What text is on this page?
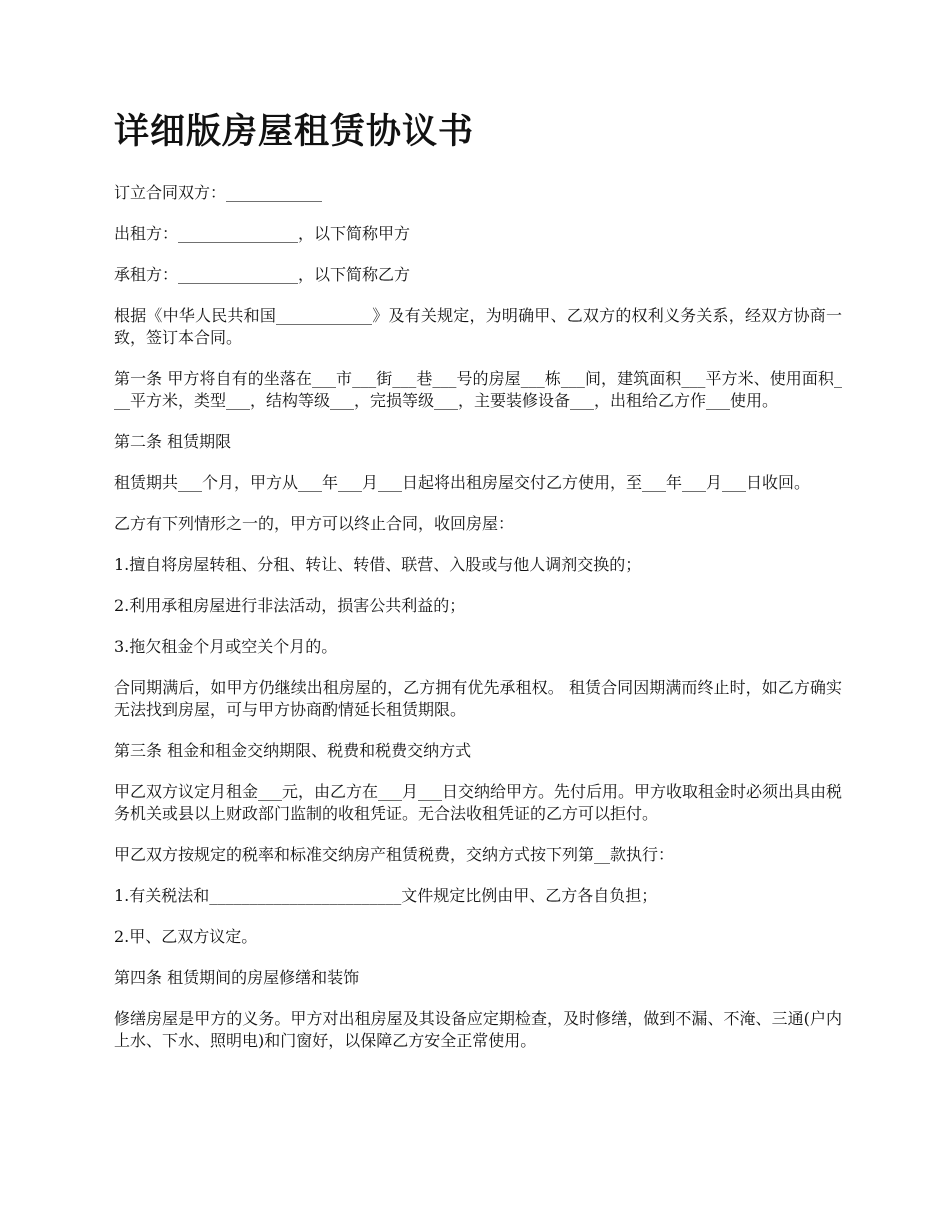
详细版房屋租赁协议书

订立合同双方：____________

出租方：_______________，以下简称甲方

承租方：_______________，以下简称乙方

根据《中华人民共和国____________》及有关规定，为明确甲、乙双方的权利义务关系，经双方协商一致，签订本合同。

第一条 甲方将自有的坐落在___市___街___巷___号的房屋___栋___间，建筑面积___平方米、使用面积___平方米，类型___，结构等级___，完损等级___，主要装修设备___，出租给乙方作___使用。

第二条 租赁期限

租赁期共___个月，甲方从___年___月___日起将出租房屋交付乙方使用，至___年___月___日收回。

乙方有下列情形之一的，甲方可以终止合同，收回房屋：

1.擅自将房屋转租、分租、转让、转借、联营、入股或与他人调剂交换的；

2.利用承租房屋进行非法活动，损害公共利益的；

3.拖欠租金个月或空关个月的。

合同期满后，如甲方仍继续出租房屋的，乙方拥有优先承租权。 租赁合同因期满而终止时，如乙方确实无法找到房屋，可与甲方协商酌情延长租赁期限。

第三条 租金和租金交纳期限、税费和税费交纳方式

甲乙双方议定月租金___元，由乙方在___月___日交纳给甲方。先付后用。甲方收取租金时必须出具由税务机关或县以上财政部门监制的收租凭证。无合法收租凭证的乙方可以拒付。

甲乙双方按规定的税率和标准交纳房产租赁税费，交纳方式按下列第__款执行：

1.有关税法和________________________文件规定比例由甲、乙方各自负担；

2.甲、乙双方议定。

第四条 租赁期间的房屋修缮和装饰

修缮房屋是甲方的义务。甲方对出租房屋及其设备应定期检查，及时修缮，做到不漏、不淹、三通(户内上水、下水、照明电)和门窗好，以保障乙方安全正常使用。
